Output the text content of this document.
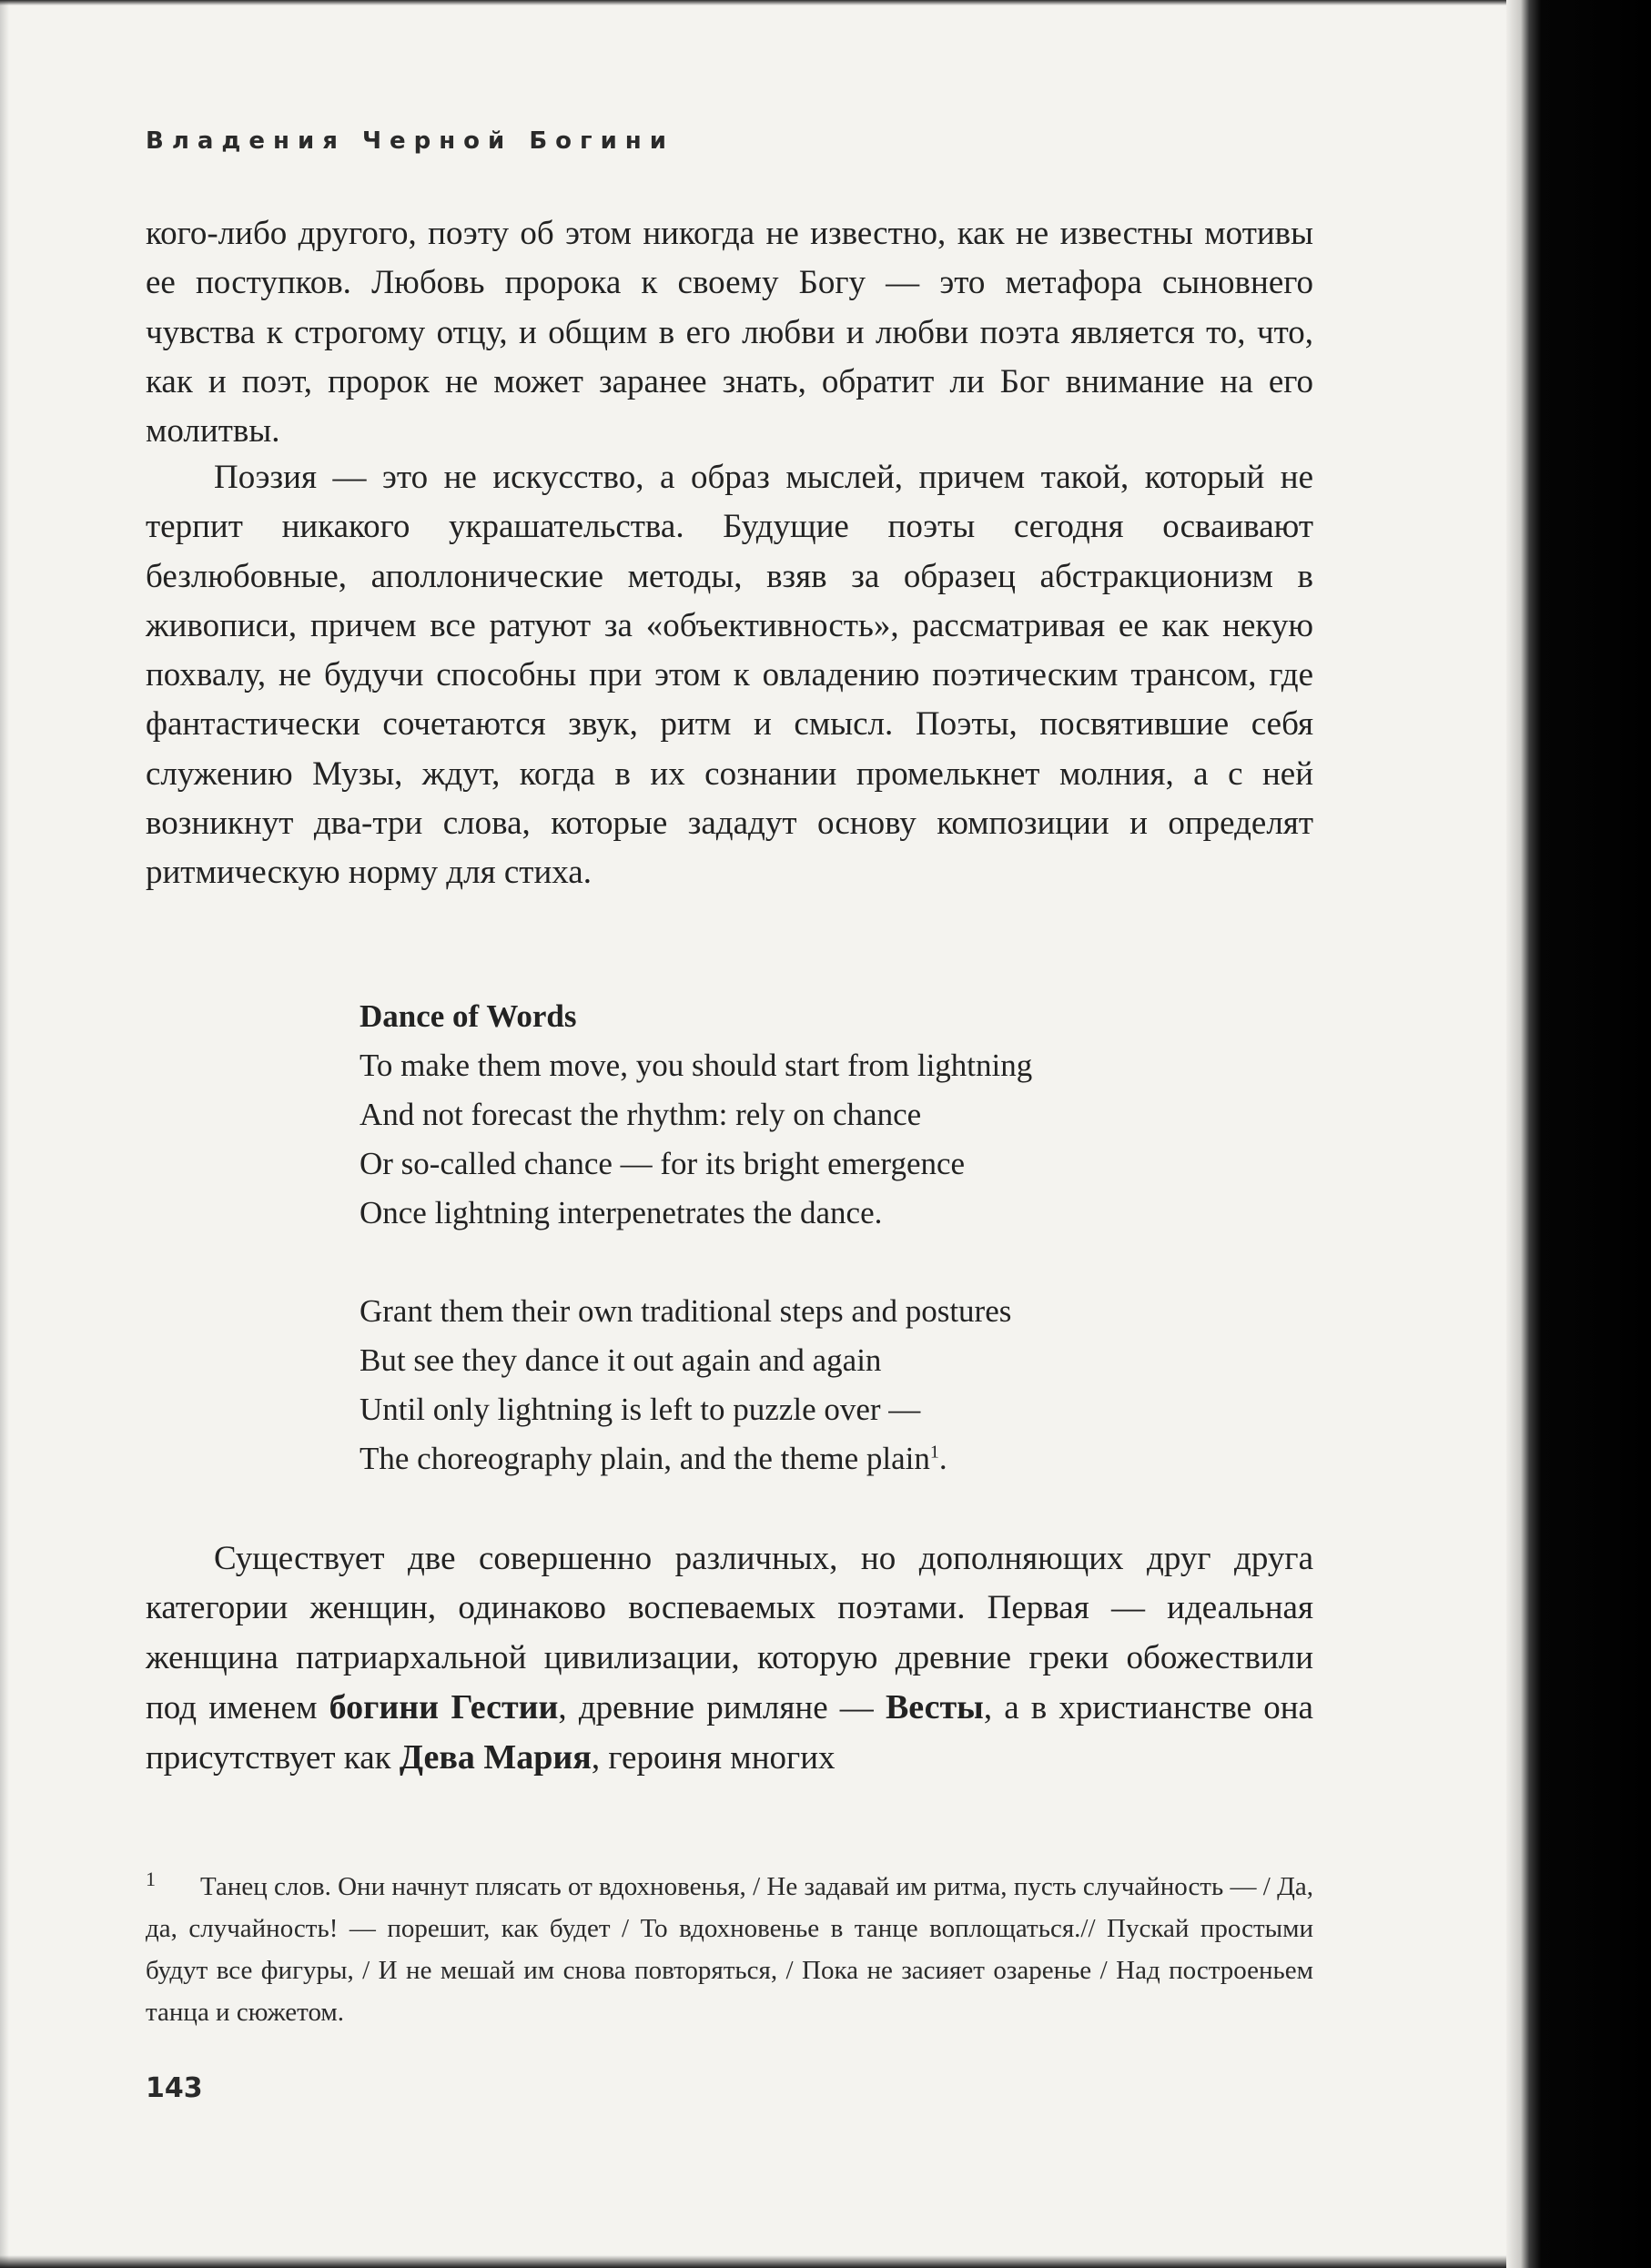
Владения Черной Богини

кого-либо другого, поэту об этом никогда не известно, как не известны мотивы ее поступков. Любовь пророка к своему Богу — это метафора сыновнего чувства к строгому отцу, и общим в его любви и любви поэта является то, что, как и поэт, пророк не может заранее знать, обратит ли Бог внимание на его молитвы.

Поэзия — это не искусство, а образ мыслей, причем такой, который не терпит никакого украшательства. Будущие поэты сегодня осваивают безлюбовные, аполлонические методы, взяв за образец абстракционизм в живописи, причем все ратуют за «объективность», рассматривая ее как некую похвалу, не будучи способны при этом к овладению поэтическим трансом, где фантастически сочетаются звук, ритм и смысл. Поэты, посвятившие себя служению Музы, ждут, когда в их сознании промелькнет молния, а с ней возникнут два-три слова, которые зададут основу композиции и определят ритмическую норму для стиха.

Dance of Words
To make them move, you should start from lightning
And not forecast the rhythm: rely on chance
Or so-called chance — for its bright emergence
Once lightning interpenetrates the dance.
Grant them their own traditional steps and postures
But see they dance it out again and again
Until only lightning is left to puzzle over —
The choreography plain, and the theme plain$^1$.

Существует две совершенно различных, но дополняющих друг друга категории женщин, одинаково воспеваемых поэтами. Первая — идеальная женщина патриархальной цивилизации, которую древние греки обожествили под именем богини Гестии, древние римляне — Весты, а в христианстве она присутствует как Дева Мария, героиня многих

1 Танец слов. Они начнут плясать от вдохновенья, / Не задавай им ритма, пусть случайность — / Да, да, случайность! — порешит, как будет / То вдохновенье в танце воплощаться.// Пускай простыми будут все фигуры, / И не мешай им снова повторяться, / Пока не засияет озаренье / Над построеньем танца и сюжетом.

143
